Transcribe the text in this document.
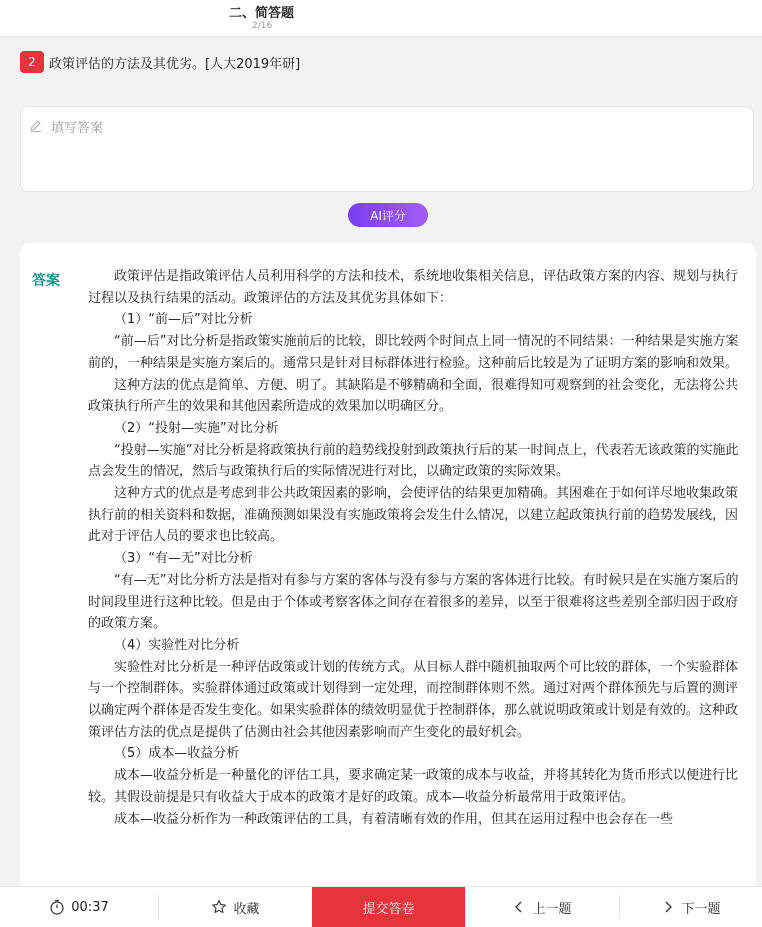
二、简答题
2/16
2	政策评估的方法及其优劣。[人大2019年研]
填写答案
AI评分
答案	政策评估是指政策评估人员利用科学的方法和技术，系统地收集相关信息，评估政策方案的内容、规划与执行过程以及执行结果的活动。政策评估的方法及其优劣具体如下：

（1）“前—后”对比分析

“前—后”对比分析是指政策实施前后的比较，即比较两个时间点上同一情况的不同结果：一种结果是实施方案前的，一种结果是实施方案后的。通常只是针对目标群体进行检验。这种前后比较是为了证明方案的影响和效果。

这种方法的优点是简单、方便、明了。其缺陷是不够精确和全面，很难得知可观察到的社会变化，无法将公共政策执行所产生的效果和其他因素所造成的效果加以明确区分。

（2）“投射—实施”对比分析

“投射—实施”对比分析是将政策执行前的趋势线投射到政策执行后的某一时间点上，代表若无该政策的实施此点会发生的情况，然后与政策执行后的实际情况进行对比，以确定政策的实际效果。

这种方式的优点是考虑到非公共政策因素的影响，会使评估的结果更加精确。其困难在于如何详尽地收集政策执行前的相关资料和数据，准确预测如果没有实施政策将会发生什么情况，以建立起政策执行前的趋势发展线，因此对于评估人员的要求也比较高。

（3）“有—无”对比分析

“有—无”对比分析方法是指对有参与方案的客体与没有参与方案的客体进行比较。有时候只是在实施方案后的时间段里进行这种比较。但是由于个体或考察客体之间存在着很多的差异，以至于很难将这些差别全部归因于政府的政策方案。

（4）实验性对比分析

实验性对比分析是一种评估政策或计划的传统方式。从目标人群中随机抽取两个可比较的群体，一个实验群体与一个控制群体。实验群体通过政策或计划得到一定处理，而控制群体则不然。通过对两个群体预先与后置的测评以确定两个群体是否发生变化。如果实验群体的绩效明显优于控制群体，那么就说明政策或计划是有效的。这种政策评估方法的优点是提供了估测由社会其他因素影响而产生变化的最好机会。

（5）成本—收益分析

成本—收益分析是一种量化的评估工具，要求确定某一政策的成本与收益，并将其转化为货币形式以便进行比较。其假设前提是只有收益大于成本的政策才是好的政策。成本—收益分析最常用于政策评估。

成本—收益分析作为一种政策评估的工具，有着清晰有效的作用，但其在运用过程中也会存在一些

00:37	收藏	提交答卷	上一题	下一题
